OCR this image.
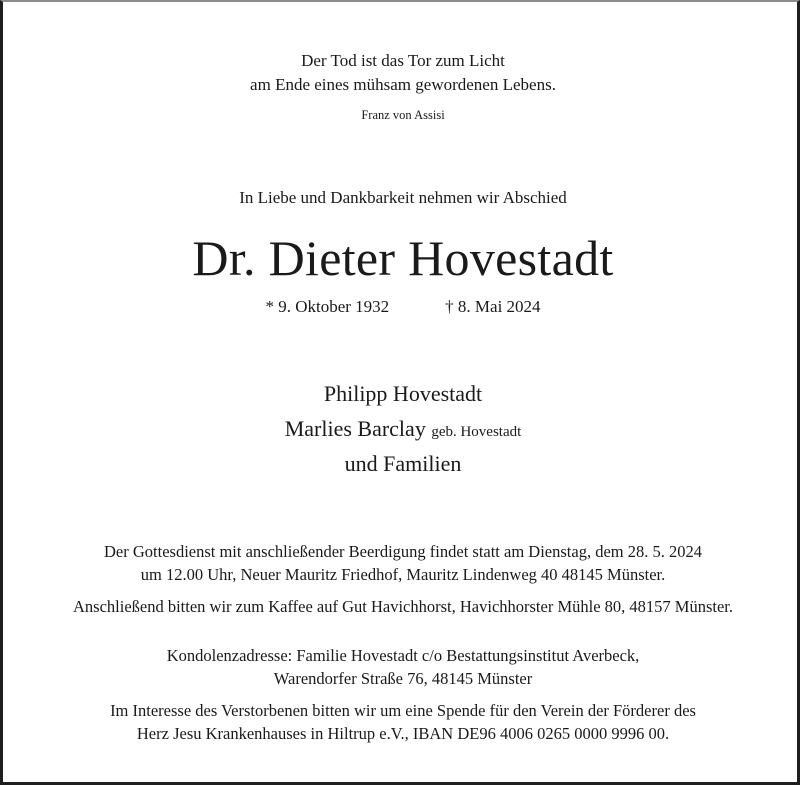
Der Tod ist das Tor zum Licht
am Ende eines mühsam gewordenen Lebens.
Franz von Assisi
In Liebe und Dankbarkeit nehmen wir Abschied
Dr. Dieter Hovestadt
* 9. Oktober 1932	† 8. Mai 2024
Philipp Hovestadt
Marlies Barclay geb. Hovestadt
und Familien
Der Gottesdienst mit anschließender Beerdigung findet statt am Dienstag, dem 28. 5. 2024
um 12.00 Uhr, Neuer Mauritz Friedhof, Mauritz Lindenweg 40 48145 Münster.
Anschließend bitten wir zum Kaffee auf Gut Havichhorst, Havichhorster Mühle 80, 48157 Münster.
Kondolenzadresse: Familie Hovestadt c/o Bestattungsinstitut Averbeck,
Warendorfer Straße 76, 48145 Münster
Im Interesse des Verstorbenen bitten wir um eine Spende für den Verein der Förderer des
Herz Jesu Krankenhauses in Hiltrup e.V., IBAN DE96 4006 0265 0000 9996 00.
